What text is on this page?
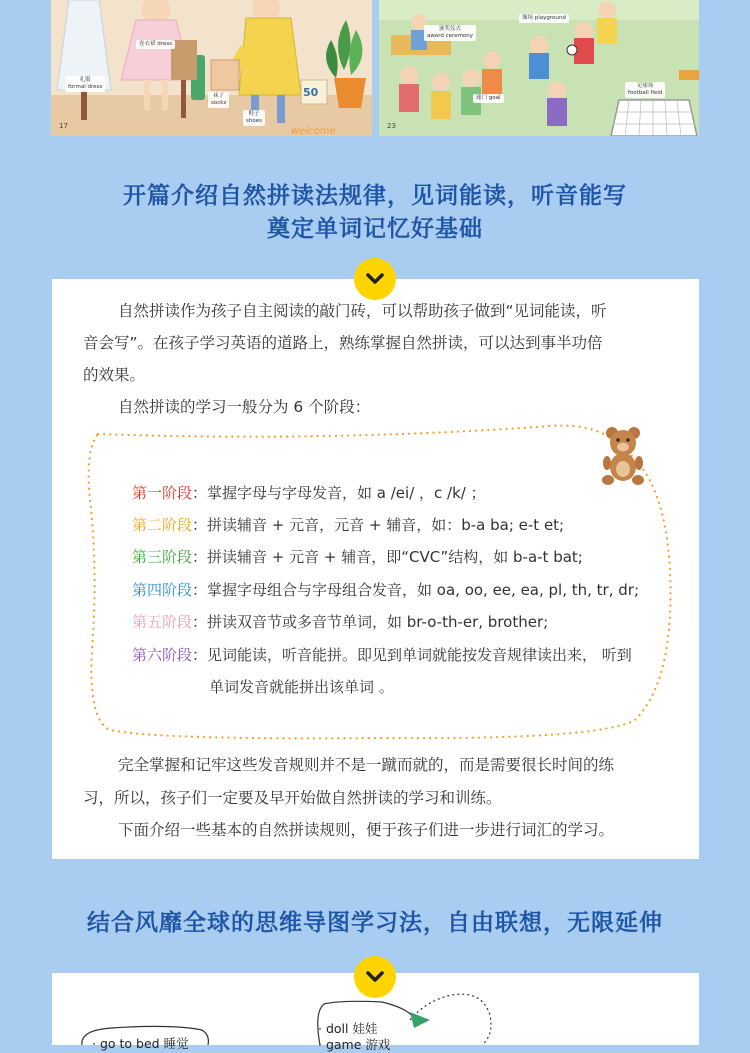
welcome
连衣裙 dress
礼服
formal dress
袜子
socks
鞋子
shoes
50
17
颁奖仪式
award ceremony
操场 playground
球门 goal
足球场
football field
23
开篇介绍自然拼读法规律，见词能读，听音能写
奠定单词记忆好基础
自然拼读作为孩子自主阅读的敲门砖，可以帮助孩子做到“见词能读，听
音会写”。在孩子学习英语的道路上，熟练掌握自然拼读，可以达到事半功倍
的效果。
自然拼读的学习一般分为 6 个阶段：
第一阶段：掌握字母与字母发音，如 a /ei/ ，c /k/ ；
第二阶段：拼读辅音 + 元音，元音 + 辅音，如：b-a ba; e-t et;
第三阶段：拼读辅音 + 元音 + 辅音，即“CVC”结构，如 b-a-t bat;
第四阶段：掌握字母组合与字母组合发音，如 oa, oo, ee, ea, pl, th, tr, dr;
第五阶段：拼读双音节或多音节单词，如 br-o-th-er, brother;
第六阶段：见词能读，听音能拼。即见到单词就能按发音规律读出来， 听到
单词发音就能拼出该单词 。
完全掌握和记牢这些发音规则并不是一蹴而就的，而是需要很长时间的练
习，所以，孩子们一定要及早开始做自然拼读的学习和训练。
下面介绍一些基本的自然拼读规则，便于孩子们进一步进行词汇的学习。
结合风靡全球的思维导图学习法，自由联想，无限延伸
· go to bed 睡觉
· doll 娃娃
· game 游戏
